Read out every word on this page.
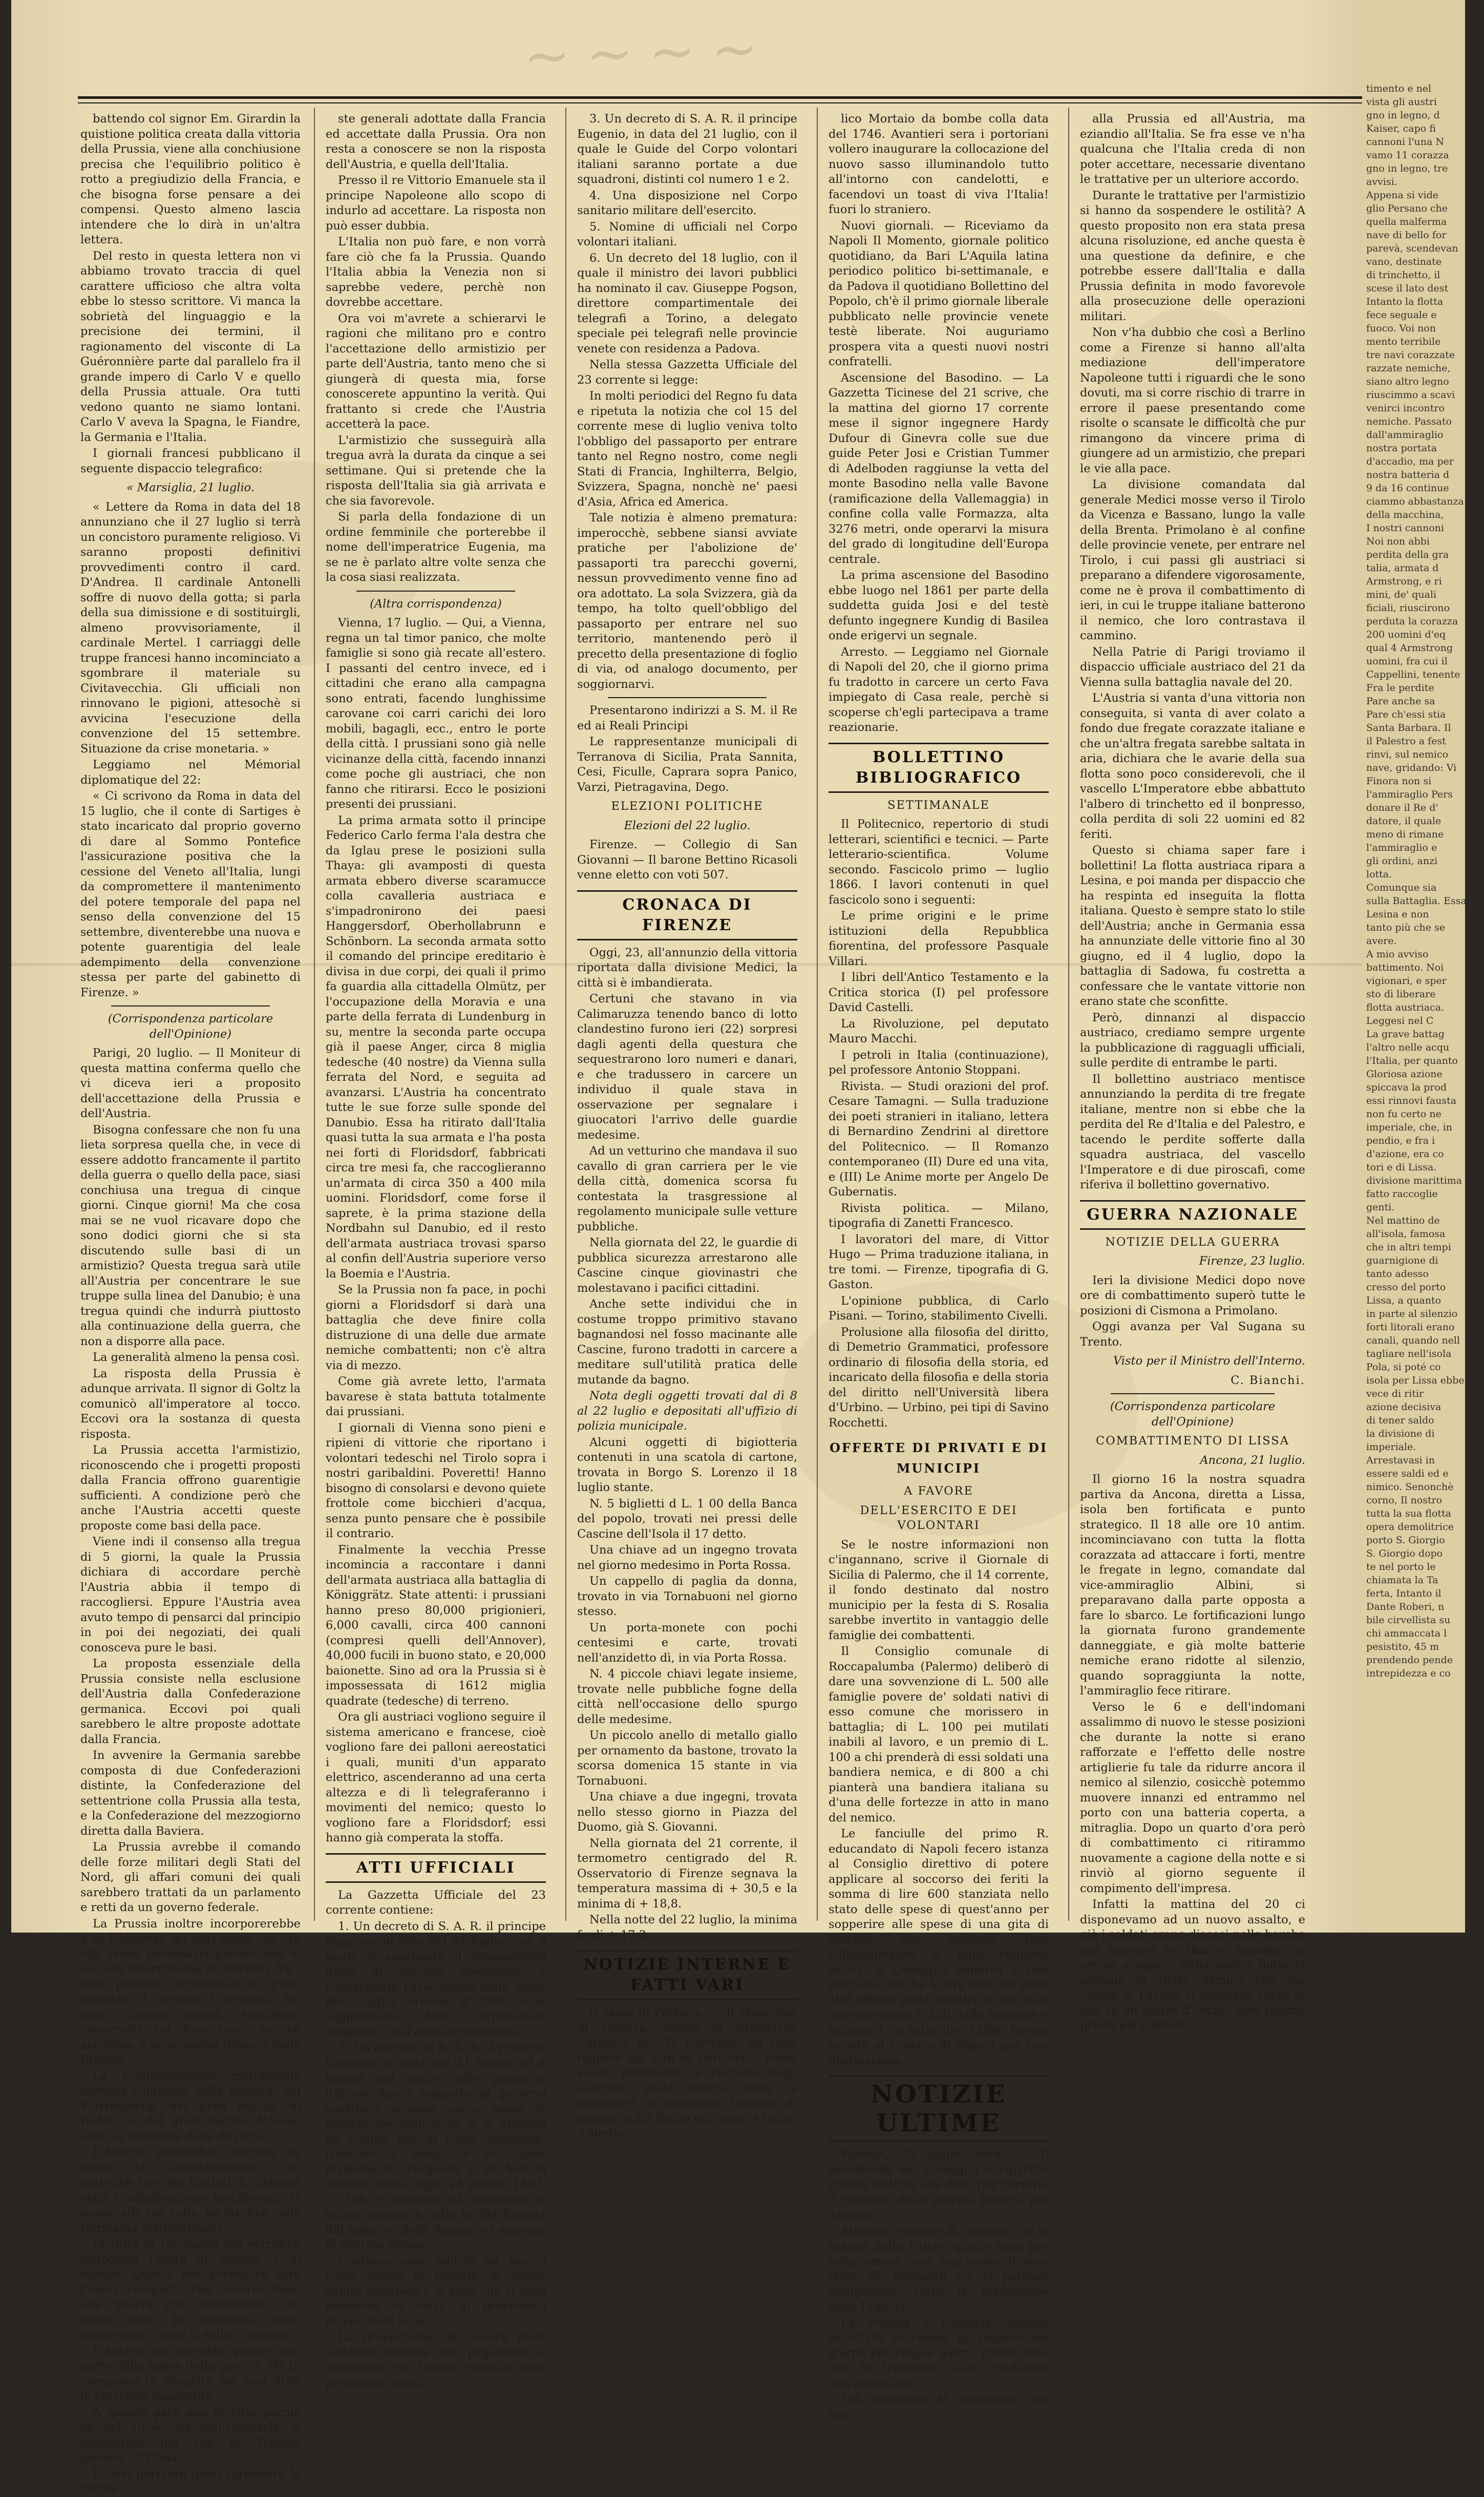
~~~~

battendo col signor Em. Girardin la quistione politica creata dalla vittoria della Prussia, viene alla conchiusione precisa che l'equilibrio politico è rotto a pregiudizio della Francia, e che bisogna forse pensare a dei compensi. Questo almeno lascia intendere che lo dirà in un'altra lettera.

Del resto in questa lettera non vi abbiamo trovato traccia di quel carattere ufficioso che altra volta ebbe lo stesso scrittore. Vi manca la sobrietà del linguaggio e la precisione dei termini, il ragionamento del visconte di La Guéronnière parte dal parallelo fra il grande impero di Carlo V e quello della Prussia attuale. Ora tutti vedono quanto ne siamo lontani. Carlo V aveva la Spagna, le Fiandre, la Germania e l'Italia.

I giornali francesi pubblicano il seguente dispaccio telegrafico:

« Marsiglia, 21 luglio.

« Lettere da Roma in data del 18 annunziano che il 27 luglio si terrà un concistoro puramente religioso. Vi saranno proposti definitivi provvedimenti contro il card. D'Andrea. Il cardinale Antonelli soffre di nuovo della gotta; si parla della sua dimissione e di sostituirgli, almeno provvisoriamente, il cardinale Mertel. I carriaggi delle truppe francesi hanno incominciato a sgombrare il materiale su Civitavecchia. Gli ufficiali non rinnovano le pigioni, attesochè si avvicina l'esecuzione della convenzione del 15 settembre. Situazione da crise monetaria. »

Leggiamo nel Mémorial diplomatique del 22:

« Ci scrivono da Roma in data del 15 luglio, che il conte di Sartiges è stato incaricato dal proprio governo di dare al Sommo Pontefice l'assicurazione positiva che la cessione del Veneto all'Italia, lungi da compromettere il mantenimento del potere temporale del papa nel senso della convenzione del 15 settembre, diventerebbe una nuova e potente guarentigia del leale adempimento della convenzione stessa per parte del gabinetto di Firenze. »

(Corrispondenza particolare dell'Opinione)

Parigi, 20 luglio. — Il Moniteur di questa mattina conferma quello che vi diceva ieri a proposito dell'accettazione della Prussia e dell'Austria.

Bisogna confessare che non fu una lieta sorpresa quella che, in vece di essere addotto francamente il partito della guerra o quello della pace, siasi conchiusa una tregua di cinque giorni. Cinque giorni! Ma che cosa mai se ne vuol ricavare dopo che sono dodici giorni che si sta discutendo sulle basi di un armistizio? Questa tregua sarà utile all'Austria per concentrare le sue truppe sulla linea del Danubio; è una tregua quindi che indurrà piuttosto alla continuazione della guerra, che non a disporre alla pace.

La generalità almeno la pensa così.

La risposta della Prussia è adunque arrivata. Il signor di Goltz la comunicò all'imperatore al tocco. Eccovi ora la sostanza di questa risposta.

La Prussia accetta l'armistizio, riconoscendo che i progetti proposti dalla Francia offrono guarentigie sufficienti. A condizione però che anche l'Austria accetti queste proposte come basi della pace.

Viene indi il consenso alla tregua di 5 giorni, la quale la Prussia dichiara di accordare perchè l'Austria abbia il tempo di raccogliersi. Eppure l'Austria avea avuto tempo di pensarci dal principio in poi dei negoziati, dei quali conosceva pure le basi.

La proposta essenziale della Prussia consiste nella esclusione dell'Austria dalla Confederazione germanica. Eccovi poi quali sarebbero le altre proposte adottate dalla Francia.

In avvenire la Germania sarebbe composta di due Confederazioni distinte, la Confederazione del settentrione colla Prussia alla testa, e la Confederazione del mezzogiorno diretta dalla Baviera.

La Prussia avrebbe il comando delle forze militari degli Stati del Nord, gli affari comuni dei quali sarebbero trattati da un parlamento e retti da un governo federale.

La Prussia inoltre incorporerebbe a sè l'Annover, gli altri paesi che ora ella crede necessaria perchè non vi sia una interruzione di territori fra i suoi possessi occidentali e quelli orientali. I sovrani, i territorii dei quali furono invasi, sarebbero conservati sui loro troni purchè accettino il programma tedesco della Prussia.

La Confederazione meridionale sarebbe composta della Baviera, del Würtemberg, del gran ducato di Baden, e del gran ducato d'Assia, sotto la direzione della Baviera.

L'Austria resterebbe esclusa da ambe le Confederazioni; ma potrebbe fare dei trattati di alleanza colla Confederazione meridionale la quale, alla sua volta, ne farebbe colla Germania settentrionale.

In tutta la Germania poi verrebbe introdotta l'unità di monete e di misure. Questa per avventura sarà l'unica conquista che rimarrà dopo una guerra così sanguinosa. Del resto tutte le questioni vitali rimarranno, come al solito, insolute.

L'Austria poi dovrebbe pagare una parte delle spese della guerra. Ma in compenso la integrità dei suoi Stati le verrebbe guarentita.

A quanto pare non fu fatta parola nè del Tirolo, nè dell'Ungheria. È sottointeso poi che la Venezia passerà all'Italia.

Eccovi pertanto quali sarebbero le propo-

ste generali adottate dalla Francia ed accettate dalla Prussia. Ora non resta a conoscere se non la risposta dell'Austria, e quella dell'Italia.

Presso il re Vittorio Emanuele sta il principe Napoleone allo scopo di indurlo ad accettare. La risposta non può esser dubbia.

L'Italia non può fare, e non vorrà fare ciò che fa la Prussia. Quando l'Italia abbia la Venezia non si saprebbe vedere, perchè non dovrebbe accettare.

Ora voi m'avrete a schierarvi le ragioni che militano pro e contro l'accettazione dello armistizio per parte dell'Austria, tanto meno che si giungerà di questa mia, forse conoscerete appuntino la verità. Qui frattanto si crede che l'Austria accetterà la pace.

L'armistizio che susseguirà alla tregua avrà la durata da cinque a sei settimane. Qui si pretende che la risposta dell'Italia sia già arrivata e che sia favorevole.

Si parla della fondazione di un ordine femminile che porterebbe il nome dell'imperatrice Eugenia, ma se ne è parlato altre volte senza che la cosa siasi realizzata.

(Altra corrispondenza)

Vienna, 17 luglio. — Qui, a Vienna, regna un tal timor panico, che molte famiglie si sono già recate all'estero. I passanti del centro invece, ed i cittadini che erano alla campagna sono entrati, facendo lunghissime carovane coi carri carichi dei loro mobili, bagagli, ecc., entro le porte della città. I prussiani sono già nelle vicinanze della città, facendo innanzi come poche gli austriaci, che non fanno che ritirarsi. Ecco le posizioni presenti dei prussiani.

La prima armata sotto il principe Federico Carlo ferma l'ala destra che da Iglau prese le posizioni sulla Thaya: gli avamposti di questa armata ebbero diverse scaramucce colla cavalleria austriaca e s'impadronirono dei paesi Hanggersdorf, Oberhollabrunn e Schönborn. La seconda armata sotto il comando del principe ereditario è divisa in due corpi, dei quali il primo fa guardia alla cittadella Olmütz, per l'occupazione della Moravia e una parte della ferrata di Lundenburg in su, mentre la seconda parte occupa già il paese Anger, circa 8 miglia tedesche (40 nostre) da Vienna sulla ferrata del Nord, e seguita ad avanzarsi. L'Austria ha concentrato tutte le sue forze sulle sponde del Danubio. Essa ha ritirato dall'Italia quasi tutta la sua armata e l'ha posta nei forti di Floridsdorf, fabbricati circa tre mesi fa, che raccoglieranno un'armata di circa 350 a 400 mila uomini. Floridsdorf, come forse il saprete, è la prima stazione della Nordbahn sul Danubio, ed il resto dell'armata austriaca trovasi sparso al confin dell'Austria superiore verso la Boemia e l'Austria.

Se la Prussia non fa pace, in pochi giorni a Floridsdorf si darà una battaglia che deve finire colla distruzione di una delle due armate nemiche combattenti; non c'è altra via di mezzo.

Come già avrete letto, l'armata bavarese è stata battuta totalmente dai prussiani.

I giornali di Vienna sono pieni e ripieni di vittorie che riportano i volontari tedeschi nel Tirolo sopra i nostri garibaldini. Poveretti! Hanno bisogno di consolarsi e devono quiete frottole come bicchieri d'acqua, senza punto pensare che è possibile il contrario.

Finalmente la vecchia Presse incomincia a raccontare i danni dell'armata austriaca alla battaglia di Königgrätz. State attenti: i prussiani hanno preso 80,000 prigionieri, 6,000 cavalli, circa 400 cannoni (compresi quelli dell'Annover), 40,000 fucili in buono stato, e 20,000 baionette. Sino ad ora la Prussia si è impossessata di 1612 miglia quadrate (tedesche) di terreno.

Ora gli austriaci vogliono seguire il sistema americano e francese, cioè vogliono fare dei palloni aereostatici i quali, muniti d'un apparato elettrico, ascenderanno ad una certa altezza e di lì telegraferanno i movimenti del nemico; questo lo vogliono fare a Floridsdorf; essi hanno già comperata la stoffa.

ATTI UFFICIALI

La Gazzetta Ufficiale del 23 corrente contiene:

1. Un decreto di S. A. R. il principe Eugenio, in data del 21 luglio, con il quale è approvato il regolamento unito al decreto medesimo, e concernente l'esecuzione della legge del 7 luglio corrente, n° 3036, sulle soppressione delle corporazioni religiose e sull'asse ecclesiastico.

2. Un decreto di S. A. R. il principe Eugenio, in data del 21 luglio, ed a tenore del quale nelle provincie italiane finora soggette al governo austriaco avranno corso legale le monete decimali d'oro e di argento da cinque lire di conio nazionale, francese o belga, e le valute divisionarie d'argento e di bronzo indicate nella legge 24 agosto 1862, n° 788, e riportate col ragguaglio in valuta austriaca nella tariffa firmata dal ministro delle finanze ed annessa al decreto stesso.

Continueranno inoltre ad avervi corso legale le monete di nuova valuta austriaca e le altre che vi sono ammesse in forza di precedenti disposizioni locali.

La proporzione del valore delle suddette monete nei pagamenti è mantenuta nei termini stabiliti dalle precedenti leggi.

3. Un decreto di S. A. R. il principe Eugenio, in data del 21 luglio, con il quale le Guide del Corpo volontari italiani saranno portate a due squadroni, distinti col numero 1 e 2.

4. Una disposizione nel Corpo sanitario militare dell'esercito.

5. Nomine di ufficiali nel Corpo volontari italiani.

6. Un decreto del 18 luglio, con il quale il ministro dei lavori pubblici ha nominato il cav. Giuseppe Pogson, direttore compartimentale dei telegrafi a Torino, a delegato speciale pei telegrafi nelle provincie venete con residenza a Padova.

Nella stessa Gazzetta Ufficiale del 23 corrente si legge:

In molti periodici del Regno fu data e ripetuta la notizia che col 15 del corrente mese di luglio veniva tolto l'obbligo del passaporto per entrare tanto nel Regno nostro, come negli Stati di Francia, Inghilterra, Belgio, Svizzera, Spagna, nonchè ne' paesi d'Asia, Africa ed America.

Tale notizia è almeno prematura: imperocchè, sebbene siansi avviate pratiche per l'abolizione de' passaporti tra parecchi governi, nessun provvedimento venne fino ad ora adottato. La sola Svizzera, già da tempo, ha tolto quell'obbligo del passaporto per entrare nel suo territorio, mantenendo però il precetto della presentazione di foglio di via, od analogo documento, per soggiornarvi.

Presentarono indirizzi a S. M. il Re ed ai Reali Principi

Le rappresentanze municipali di Terranova di Sicilia, Prata Sannita, Cesi, Ficulle, Caprara sopra Panico, Varzi, Pietragavina, Dego.

ELEZIONI POLITICHE

Elezioni del 22 luglio.

Firenze. — Collegio di San Giovanni — Il barone Bettino Ricasoli venne eletto con voti 507.

CRONACA DI FIRENZE

Oggi, 23, all'annunzio della vittoria riportata dalla divisione Medici, la città si è imbandierata.

Certuni che stavano in via Calimaruzza tenendo banco di lotto clandestino furono ieri (22) sorpresi dagli agenti della questura che sequestrarono loro numeri e danari, e che tradussero in carcere un individuo il quale stava in osservazione per segnalare i giuocatori l'arrivo delle guardie medesime.

Ad un vetturino che mandava il suo cavallo di gran carriera per le vie della città, domenica scorsa fu contestata la trasgressione al regolamento municipale sulle vetture pubbliche.

Nella giornata del 22, le guardie di pubblica sicurezza arrestarono alle Cascine cinque giovinastri che molestavano i pacifici cittadini.

Anche sette individui che in costume troppo primitivo stavano bagnandosi nel fosso macinante alle Cascine, furono tradotti in carcere a meditare sull'utilità pratica delle mutande da bagno.

Nota degli oggetti trovati dal dì 8 al 22 luglio e depositati all'uffizio di polizia municipale.

Alcuni oggetti di bigiotteria contenuti in una scatola di cartone, trovata in Borgo S. Lorenzo il 18 luglio stante.

N. 5 biglietti d L. 1 00 della Banca del popolo, trovati nei pressi delle Cascine dell'Isola il 17 detto.

Una chiave ad un ingegno trovata nel giorno medesimo in Porta Rossa.

Un cappello di paglia da donna, trovato in via Tornabuoni nel giorno stesso.

Un porta-monete con pochi centesimi e carte, trovati nell'anzidetto dì, in via Porta Rossa.

N. 4 piccole chiavi legate insieme, trovate nelle pubbliche fogne della città nell'occasione dello spurgo delle medesime.

Un piccolo anello di metallo giallo per ornamento da bastone, trovato la scorsa domenica 15 stante in via Tornabuoni.

Una chiave a due ingegni, trovata nello stesso giorno in Piazza del Duomo, già S. Giovanni.

Nella giornata del 21 corrente, il termometro centigrado del R. Osservatorio di Firenze segnava la temperatura massima di + 30,5 e la minima di + 18,8.

Nella notte del 22 luglio, la minima fu di + 17,3.

NOTIZIE INTERNE E FATTI VARI

Il sasso di Portoria. — Il Municipio di Genova, scrive lo Stendardo Cattolico del 22 corrente, ha fatto togliere dal sito di Portoria il rozzo sasso, ricordante la cacciata degli austriaci dalla nostra città, e sostituirvi un magnifico lastrone di granito sulla faccia del quale è inciso il simbo-

lico Mortaio da bombe colla data del 1746. Avantieri sera i portoriani vollero inaugurare la collocazione del nuovo sasso illuminandolo tutto all'intorno con candelotti, e facendovi un toast di viva l'Italia! fuori lo straniero.

Nuovi giornali. — Riceviamo da Napoli Il Momento, giornale politico quotidiano, da Bari L'Aquila latina periodico politico bi-settimanale, e da Padova il quotidiano Bollettino del Popolo, ch'è il primo giornale liberale pubblicato nelle provincie venete testè liberate. Noi auguriamo prospera vita a questi nuovi nostri confratelli.

Ascensione del Basodino. — La Gazzetta Ticinese del 21 scrive, che la mattina del giorno 17 corrente mese il signor ingegnere Hardy Dufour di Ginevra colle sue due guide Peter Josi e Cristian Tummer di Adelboden raggiunse la vetta del monte Basodino nella valle Bavone (ramificazione della Vallemaggia) in confine colla valle Formazza, alta 3276 metri, onde operarvi la misura del grado di longitudine dell'Europa centrale.

La prima ascensione del Basodino ebbe luogo nel 1861 per parte della suddetta guida Josi e del testè defunto ingegnere Kundig di Basilea onde erigervi un segnale.

Arresto. — Leggiamo nel Giornale di Napoli del 20, che il giorno prima fu tradotto in carcere un certo Fava impiegato di Casa reale, perchè si scoperse ch'egli partecipava a trame reazionarie.

BOLLETTINO BIBLIOGRAFICO

SETTIMANALE

Il Politecnico, repertorio di studi letterari, scientifici e tecnici. — Parte letterario-scientifica. Volume secondo. Fascicolo primo — luglio 1866. I lavori contenuti in quel fascicolo sono i seguenti:

Le prime origini e le prime istituzioni della Repubblica fiorentina, del professore Pasquale Villari.

I libri dell'Antico Testamento e la Critica storica (I) pel professore David Castelli.

La Rivoluzione, pel deputato Mauro Macchi.

I petroli in Italia (continuazione), pel professore Antonio Stoppani.

Rivista. — Studi orazioni del prof. Cesare Tamagni. — Sulla traduzione dei poeti stranieri in italiano, lettera di Bernardino Zendrini al direttore del Politecnico. — Il Romanzo contemporaneo (II) Dure ed una vita, e (III) Le Anime morte per Angelo De Gubernatis.

Rivista politica. — Milano, tipografia di Zanetti Francesco.

I lavoratori del mare, di Vittor Hugo — Prima traduzione italiana, in tre tomi. — Firenze, tipografia di G. Gaston.

L'opinione pubblica, di Carlo Pisani. — Torino, stabilimento Civelli.

Prolusione alla filosofia del diritto, di Demetrio Grammatici, professore ordinario di filosofia della storia, ed incaricato della filosofia e della storia del diritto nell'Università libera d'Urbino. — Urbino, pei tipi di Savino Rocchetti.

OFFERTE DI PRIVATI E DI MUNICIPI

A FAVORE

DELL'ESERCITO E DEI VOLONTARI

Se le nostre informazioni non c'ingannano, scrive il Giornale di Sicilia di Palermo, che il 14 corrente, il fondo destinato dal nostro municipio per la festa di S. Rosalia sarebbe invertito in vantaggio delle famiglie dei combattenti.

Il Consiglio comunale di Roccapalumba (Palermo) deliberò di dare una sovvenzione di L. 500 alle famiglie povere de' soldati nativi di esso comune che morissero in battaglia; di L. 100 pei mutilati inabili al lavoro, e un premio di L. 100 a chi prenderà di essi soldati una bandiera nemica, e di 800 a chi pianterà una bandiera italiana su d'una delle fortezze in atto in mano del nemico.

Le fanciulle del primo R. educandato di Napoli fecero istanza al Consiglio direttivo di potere applicare al soccorso dei feriti la somma di lire 600 stanziata nello stato delle spese di quest'anno per sopperire alle spese di una gita di piacere che sogliono fare collegialmente in ogni stagione estiva. Il Consiglio annuiva a tale proposta, siechè le lire 600 con altre 100 offerte dalla direttrice, 99 dalla vice-direttrice e 250 dalle maestre e istitutrici, in tutto lire 1,000, furono inviate al sindaco di Napoli per loro destinazione.

NOTIZIE ULTIME

Firenze, 23 luglio, sera. — Il presidente del Consiglio è ripartito questa mattina alle dieci per Ferrara; il ministro della marina iersera per Ancona.

Abbiamo ragione di credere che le notizie della Patrie, giunte oggi per telegramma, non esprimono il vero stato de' negoziati tra le potenze belligeranti, sotto la mediazione della Francia.

La Prussia e l'Austria, avendo accettato entrambe la sospensione d'armi per cinque giorni, cominciano ora le trattative sulle condizioni dell'armistizio.

Tali condizioni si riferiscono non solo

alla Prussia ed all'Austria, ma eziandio all'Italia. Se fra esse ve n'ha qualcuna che l'Italia creda di non poter accettare, necessarie diventano le trattative per un ulteriore accordo.

Durante le trattative per l'armistizio si hanno da sospendere le ostilità? A questo proposito non era stata presa alcuna risoluzione, ed anche questa è una questione da definire, e che potrebbe essere dall'Italia e dalla Prussia definita in modo favorevole alla prosecuzione delle operazioni militari.

Non v'ha dubbio che così a Berlino come a Firenze si hanno all'alta mediazione dell'imperatore Napoleone tutti i riguardi che le sono dovuti, ma si corre rischio di trarre in errore il paese presentando come risolte o scansate le difficoltà che pur rimangono da vincere prima di giungere ad un armistizio, che prepari le vie alla pace.

La divisione comandata dal generale Medici mosse verso il Tirolo da Vicenza e Bassano, lungo la valle della Brenta. Primolano è al confine delle provincie venete, per entrare nel Tirolo, i cui passi gli austriaci si preparano a difendere vigorosamente, come ne è prova il combattimento di ieri, in cui le truppe italiane batterono il nemico, che loro contrastava il cammino.

Nella Patrie di Parigi troviamo il dispaccio ufficiale austriaco del 21 da Vienna sulla battaglia navale del 20.

L'Austria si vanta d'una vittoria non conseguita, si vanta di aver colato a fondo due fregate corazzate italiane e che un'altra fregata sarebbe saltata in aria, dichiara che le avarie della sua flotta sono poco considerevoli, che il vascello L'Imperatore ebbe abbattuto l'albero di trinchetto ed il bonpresso, colla perdita di soli 22 uomini ed 82 feriti.

Questo si chiama saper fare i bollettini! La flotta austriaca ripara a Lesina, e poi manda per dispaccio che ha respinta ed inseguita la flotta italiana. Questo è sempre stato lo stile dell'Austria; anche in Germania essa ha annunziate delle vittorie fino al 30 giugno, ed il 4 luglio, dopo la battaglia di Sadowa, fu costretta a confessare che le vantate vittorie non erano state che sconfitte.

Però, dinnanzi al dispaccio austriaco, crediamo sempre urgente la pubblicazione di ragguagli ufficiali, sulle perdite di entrambe le parti.

Il bollettino austriaco mentisce annunziando la perdita di tre fregate italiane, mentre non si ebbe che la perdita del Re d'Italia e del Palestro, e tacendo le perdite sofferte dalla squadra austriaca, del vascello l'Imperatore e di due piroscafi, come riferiva il bollettino governativo.

GUERRA NAZIONALE

NOTIZIE DELLA GUERRA

Firenze, 23 luglio.

Ieri la divisione Medici dopo nove ore di combattimento superò tutte le posizioni di Cismona a Primolano.

Oggi avanza per Val Sugana su Trento.

Visto per il Ministro dell'Interno.

C. Bianchi.

(Corrispondenza particolare dell'Opinione)

COMBATTIMENTO DI LISSA

Ancona, 21 luglio.

Il giorno 16 la nostra squadra partiva da Ancona, diretta a Lissa, isola ben fortificata e punto strategico. Il 18 alle ore 10 antim. incominciavano con tutta la flotta corazzata ad attaccare i forti, mentre le fregate in legno, comandate dal vice-ammiraglio Albini, si preparavano dalla parte opposta a fare lo sbarco. Le fortificazioni lungo la giornata furono grandemente danneggiate, e già molte batterie nemiche erano ridotte al silenzio, quando sopraggiunta la notte, l'ammiraglio fece ritirare.

Verso le 6 e dell'indomani assalimmo di nuovo le stesse posizioni che durante la notte si erano rafforzate e l'effetto delle nostre artiglierie fu tale da ridurre ancora il nemico al silenzio, cosicchè potemmo muovere innanzi ed entrammo nel porto con una batteria coperta, a mitraglia. Dopo un quarto d'ora però di combattimento ci ritirammo nuovamente a cagione della notte e si rinviò al giorno seguente il compimento dell'impresa.

Infatti la mattina del 20 ci disponevamo ad un nuovo assalto, e già i soldati erano discesi nelle barche per operare lo sbarco, quando un avviso a vapore della nostra flotta ci segnalò la flotta nemica che dal canale di Fasana si avanzava verso di noi. In un batter d'occhio tutti fummo pronti pel combat-

timento e nel

vista gli austri

gno in legno, d

Kaiser, capo fi

cannoni l'una N

vamo 11 corazza

gno in legno, tre

avvisi.

Appena si vide

glio Persano che

quella malferma

nave di bello for

parevà, scendevan

vano, destinate

di trinchetto, il

scese il lato dest

Intanto la flotta

fece seguale e

fuoco. Voi non

mento terribile

tre navi corazzate

razzate nemiche,

siano altro legno

riuscimmo a scavi

venirci incontro

nemiche. Passato

dall'ammiraglio

nostra portata

d'accadio, ma per

nostra batteria d

9 da 16 continue

ciammo abbastanza

della macchina,

I nostri cannoni

Noi non abbi

perdita della gra

talia, armata d

Armstrong, e ri

mini, de' quali

ficiali, riuscirono

perduta la corazza

200 uomini d'eq

qual 4 Armstrong

uomini, fra cui il

Cappellini, tenente

Fra le perdite

Pare anche sa

Pare ch'essi stia

Santa Barbara. Il

il Palestro a fest

rinvi, sul nemico

nave, gridando: Vi

Finora non si

l'ammiraglio Pers

donare il Re d'

datore, il quale

meno di rimane

l'ammiraglio e

gli ordini, anzi

lotta.

Comunque sia

sulla Battaglia. Essa

Lesina e non

tanto più che se

avere.

A mio avviso

battimento. Noi

vigionari, e sper

sto dì liberare

flotta austriaca.

Leggesi nel C

La grave battag

l'altro nelle acqu

l'Italia, per quanto

Gloriosa azione

spiccava la prod

essi rinnovi fausta

non fu certo ne

imperiale, che, in

pendio, e fra i

d'azione, era co

tori e di Lissa.

divisione marittima

fatto raccoglie

genti.

Nel mattino de

all'isola, famosa

che in altri tempi

guarnigione di

tanto adesso

cresso del porto

Lissa, a quanto

in parte al silenzio

forti litorali erano

canali, quando nell

tagliare nell'isola

Pola, si poté co

isola per Lissa ebbe

vece di ritir

azione decisiva

di tener saldo

la divisione di

imperiale.

Arrestavasi in

essere saldi ed e

nimico. Senonchè

corno, Il nostro

tutta la sua flotta

opera demolitrice

porto S. Giorgio

S. Giorgio dopo

te nel porto le

chiamata la Ta

ferta, Intanto il

Dante Roberi, n

bile cirvellista su

chi ammaccata l

pesistito, 45 m

prendendo pende

intrepidezza e co
